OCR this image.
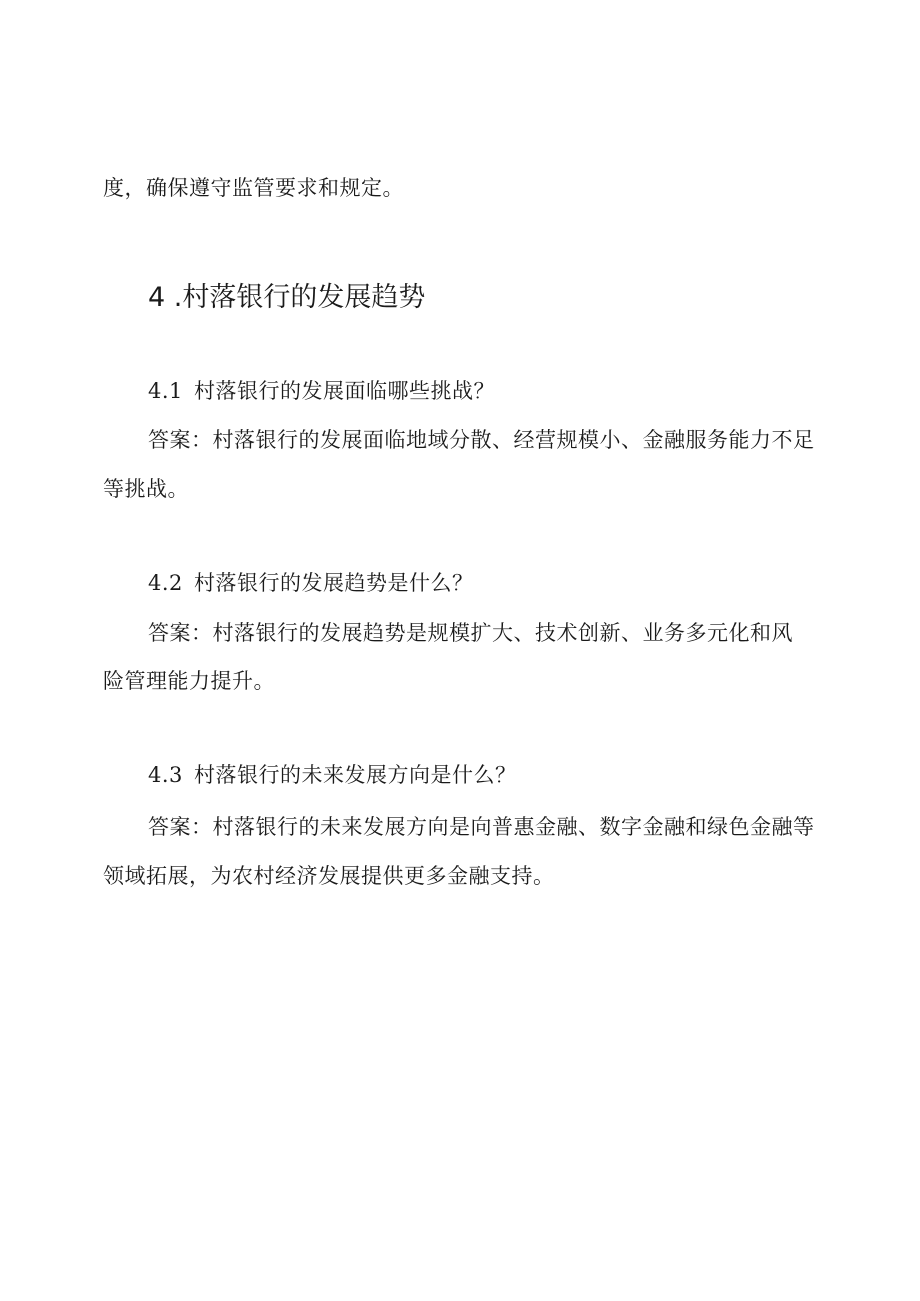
度，确保遵守监管要求和规定。
4 .村落银行的发展趋势
4.1 村落银行的发展面临哪些挑战？
答案：村落银行的发展面临地域分散、经营规模小、金融服务能力不足
等挑战。
4.2 村落银行的发展趋势是什么？
答案：村落银行的发展趋势是规模扩大、技术创新、业务多元化和风
险管理能力提升。
4.3 村落银行的未来发展方向是什么？
答案：村落银行的未来发展方向是向普惠金融、数字金融和绿色金融等
领域拓展，为农村经济发展提供更多金融支持。
